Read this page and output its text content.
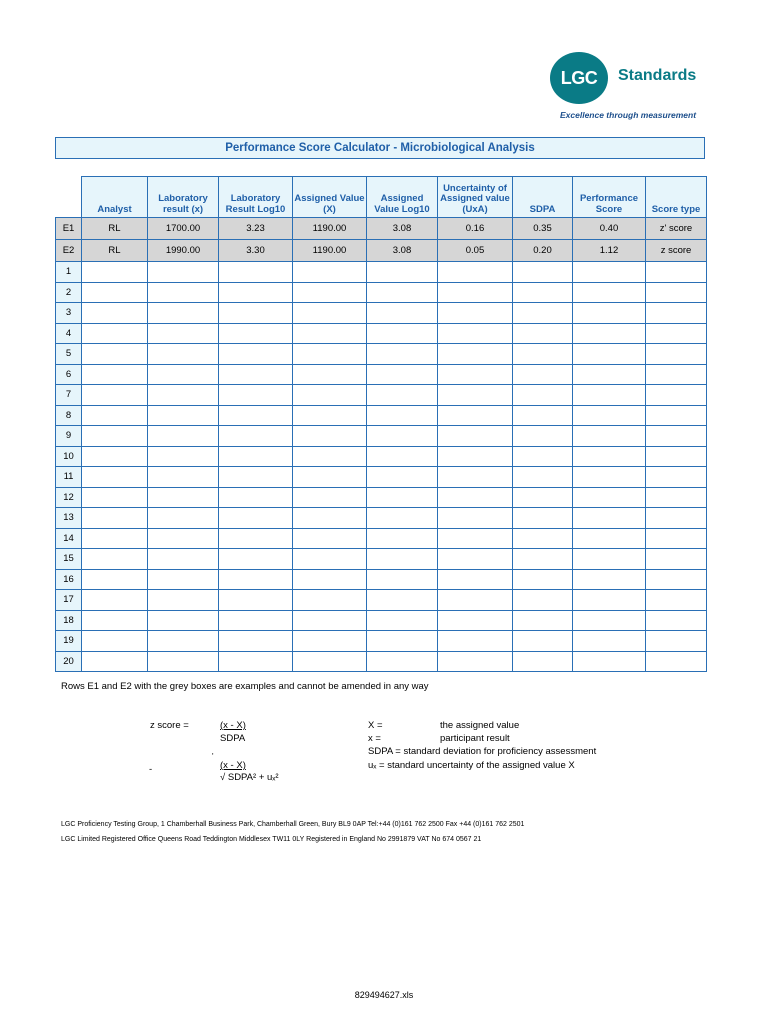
LGC	Standards
Excellence through measurement
Performance Score Calculator - Microbiological Analysis
	Analyst	Laboratory result (x)	Laboratory Result Log10	Assigned Value (X)	Assigned Value Log10	Uncertainty of Assigned value (UxA)	SDPA	Performance Score	Score type
E1	RL	1700.00	3.23	1190.00	3.08	0.16	0.35	0.40	z' score
E2	RL	1990.00	3.30	1190.00	3.08	0.05	0.20	1.12	z score
1									
2									
3									
4									
5									
6									
7									
8									
9									
10									
11									
12									
13									
14									
15									
16									
17									
18									
19									
20									
Rows E1 and E2 with the grey boxes are examples and cannot be amended in any way
z score =	(x - X)
SDPA
'
-	(x - X)
√ SDPA² + uₓ²
X =	the assigned value
x =	participant result
SDPA = standard deviation for proficiency assessment
uₓ = standard uncertainty of the assigned value X
LGC Proficiency Testing Group, 1 Chamberhall Business Park, Chamberhall Green, Bury BL9 0AP Tel:+44 (0)161 762 2500 Fax +44 (0)161 762 2501
LGC Limited Registered Office Queens Road Teddington Middlesex TW11 0LY Registered in England No 2991879 VAT No 674 0567 21
829494627.xls
